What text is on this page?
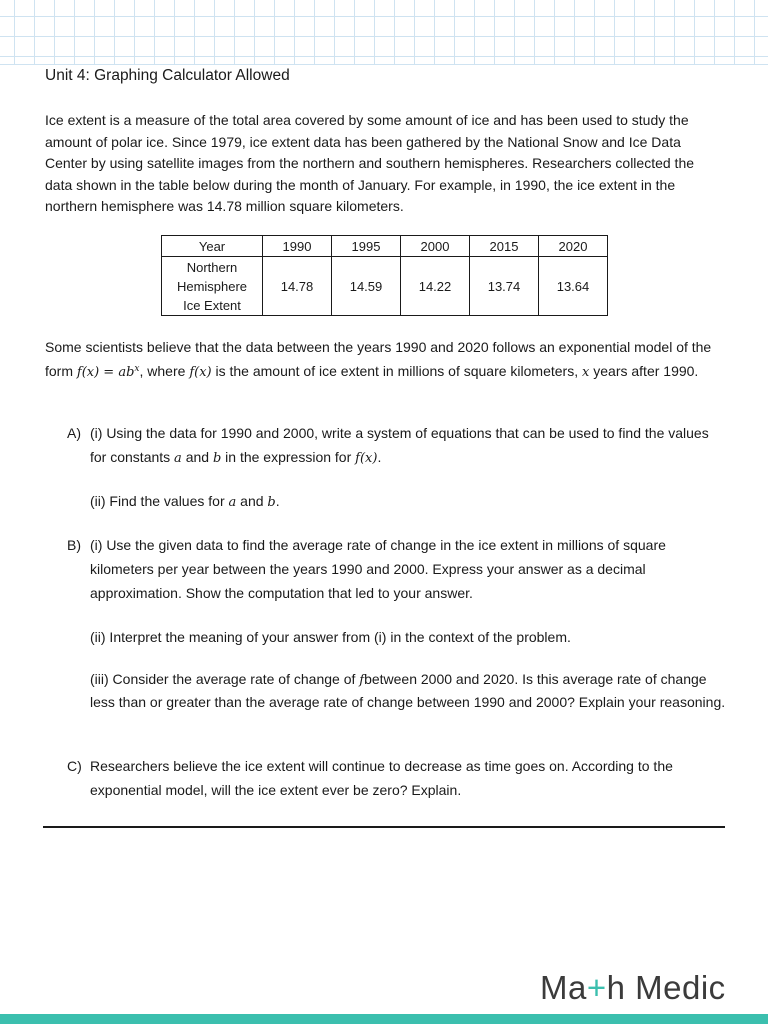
Unit 4: Graphing Calculator Allowed

Ice extent is a measure of the total area covered by some amount of ice and has been used to study the amount of polar ice. Since 1979, ice extent data has been gathered by the National Snow and Ice Data Center by using satellite images from the northern and southern hemispheres. Researchers collected the data shown in the table below during the month of January. For example, in 1990, the ice extent in the northern hemisphere was 14.78 million square kilometers.

Year	1990	1995	2000	2015	2020
Northern
Hemisphere
Ice Extent	14.78	14.59	14.22	13.74	13.64

Some scientists believe that the data between the years 1990 and 2020 follows an exponential model of the form $f(x) = ab^x$, where f(x) is the amount of ice extent in millions of square kilometers, x years after 1990.

A) (i) Using the data for 1990 and 2000, write a system of equations that can be used to find the values for constants a and b in the expression for f(x).

(ii) Find the values for a and b.

B) (i) Use the given data to find the average rate of change in the ice extent in millions of square kilometers per year between the years 1990 and 2000. Express your answer as a decimal approximation. Show the computation that led to your answer.

(ii) Interpret the meaning of your answer from (i) in the context of the problem.

(iii) Consider the average rate of change of fbetween 2000 and 2020. Is this average rate of change less than or greater than the average rate of change between 1990 and 2000? Explain your reasoning.

C) Researchers believe the ice extent will continue to decrease as time goes on. According to the exponential model, will the ice extent ever be zero? Explain.

Ma+h Medic
